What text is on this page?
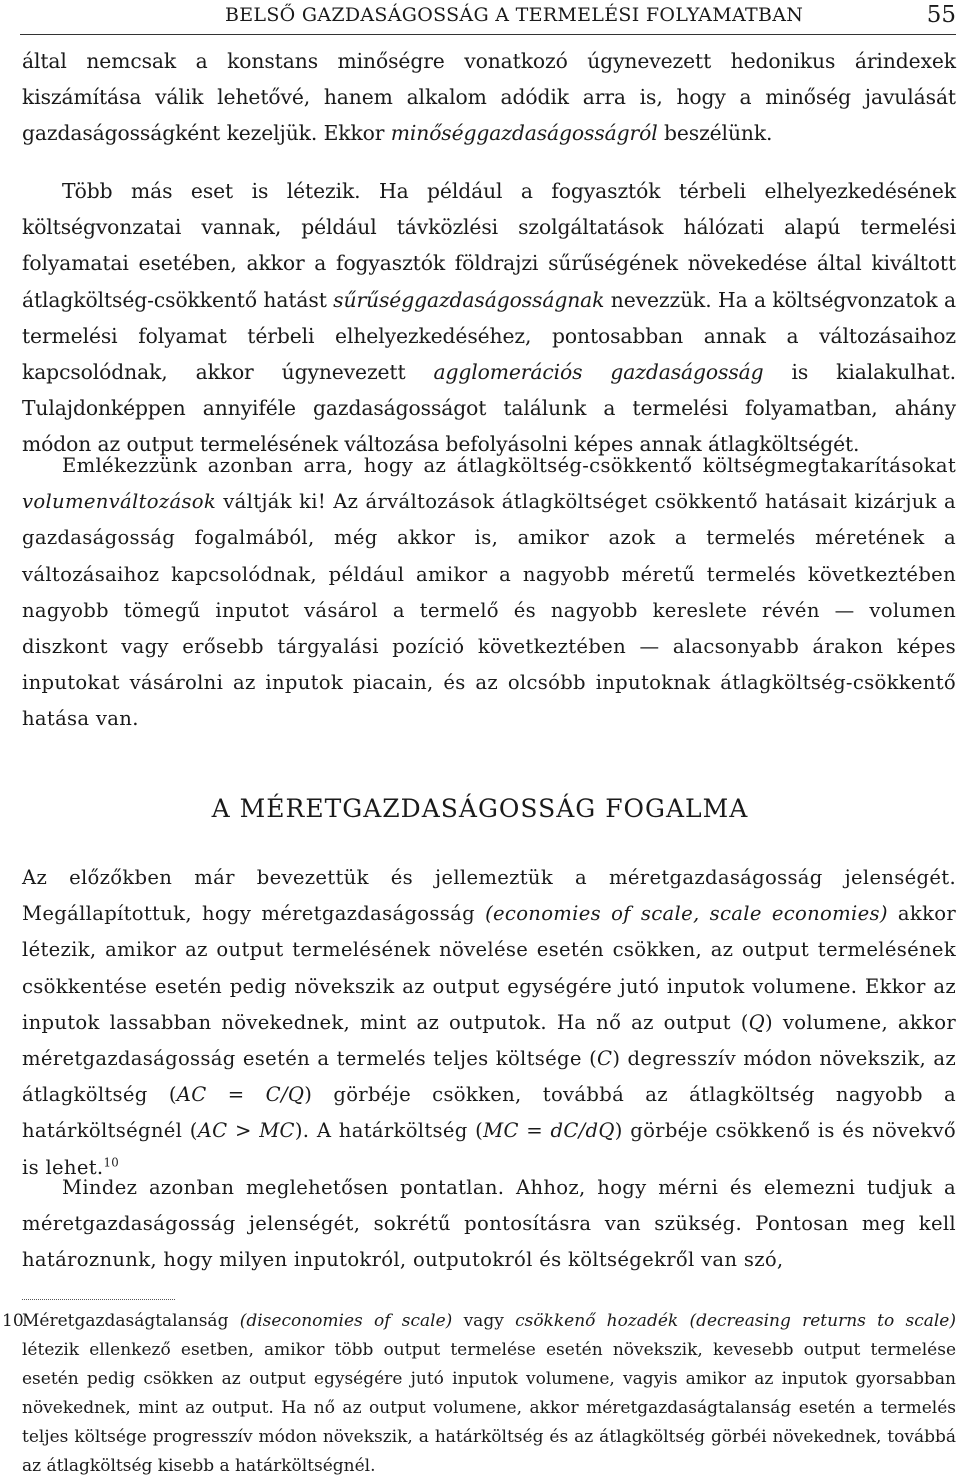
BELSŐ GAZDASÁGOSSÁG A TERMELÉSI FOLYAMATBAN	55

által nemcsak a konstans minőségre vonatkozó úgynevezett hedonikus árindexek kiszámítása válik lehetővé, hanem alkalom adódik arra is, hogy a minőség javulását gazdaságosságként kezeljük. Ekkor minőséggazdaságosságról beszélünk.

Több más eset is létezik. Ha például a fogyasztók térbeli elhelyezkedésének költségvonzatai vannak, például távközlési szolgáltatások hálózati alapú termelési folyamatai esetében, akkor a fogyasztók földrajzi sűrűségének növekedése által kiváltott átlagköltség-csökkentő hatást sűrűséggazdaságosságnak nevezzük. Ha a költségvonzatok a termelési folyamat térbeli elhelyezkedéséhez, pontosabban annak a változásaihoz kapcsolódnak, akkor úgynevezett agglomerációs gazdaságosság is kialakulhat. Tulajdonképpen annyiféle gazdaságosságot találunk a termelési folyamatban, ahány módon az output termelésének változása befolyásolni képes annak átlagköltségét.

Emlékezzünk azonban arra, hogy az átlagköltség-csökkentő költségmegtakarításokat volumenváltozások váltják ki! Az árváltozások átlagköltséget csökkentő hatásait kizárjuk a gazdaságosság fogalmából, még akkor is, amikor azok a termelés méretének a változásaihoz kapcsolódnak, például amikor a nagyobb méretű termelés következtében nagyobb tömegű inputot vásárol a termelő és nagyobb kereslete révén — volumen diszkont vagy erősebb tárgyalási pozíció következtében — alacsonyabb árakon képes inputokat vásárolni az inputok piacain, és az olcsóbb inputoknak átlagköltség-csökkentő hatása van.

A MÉRETGAZDASÁGOSSÁG FOGALMA

Az előzőkben már bevezettük és jellemeztük a méretgazdaságosság jelenségét. Megállapítottuk, hogy méretgazdaságosság (economies of scale, scale economies) akkor létezik, amikor az output termelésének növelése esetén csökken, az output termelésének csökkentése esetén pedig növekszik az output egységére jutó inputok volumene. Ekkor az inputok lassabban növekednek, mint az outputok. Ha nő az output (Q) volumene, akkor méretgazdaságosság esetén a termelés teljes költsége (C) degresszív módon növekszik, az átlagköltség (AC = C/Q) görbéje csökken, továbbá az átlagköltség nagyobb a határköltségnél (AC > MC). A határköltség (MC = dC/dQ) görbéje csökkenő is és növekvő is lehet.$^{10}$

Mindez azonban meglehetősen pontatlan. Ahhoz, hogy mérni és elemezni tudjuk a méretgazdaságosság jelenségét, sokrétű pontosításra van szükség. Pontosan meg kell határoznunk, hogy milyen inputokról, outputokról és költségekről van szó,

10
Méretgazdaságtalanság (diseconomies of scale) vagy csökkenő hozadék (decreasing returns to scale) létezik ellenkező esetben, amikor több output termelése esetén növekszik, kevesebb output termelése esetén pedig csökken az output egységére jutó inputok volumene, vagyis amikor az inputok gyorsabban növekednek, mint az output. Ha nő az output volumene, akkor méretgazdaságtalanság esetén a termelés teljes költsége progresszív módon növekszik, a határköltség és az átlagköltség görbéi növekednek, továbbá az átlagköltség kisebb a határköltségnél.
